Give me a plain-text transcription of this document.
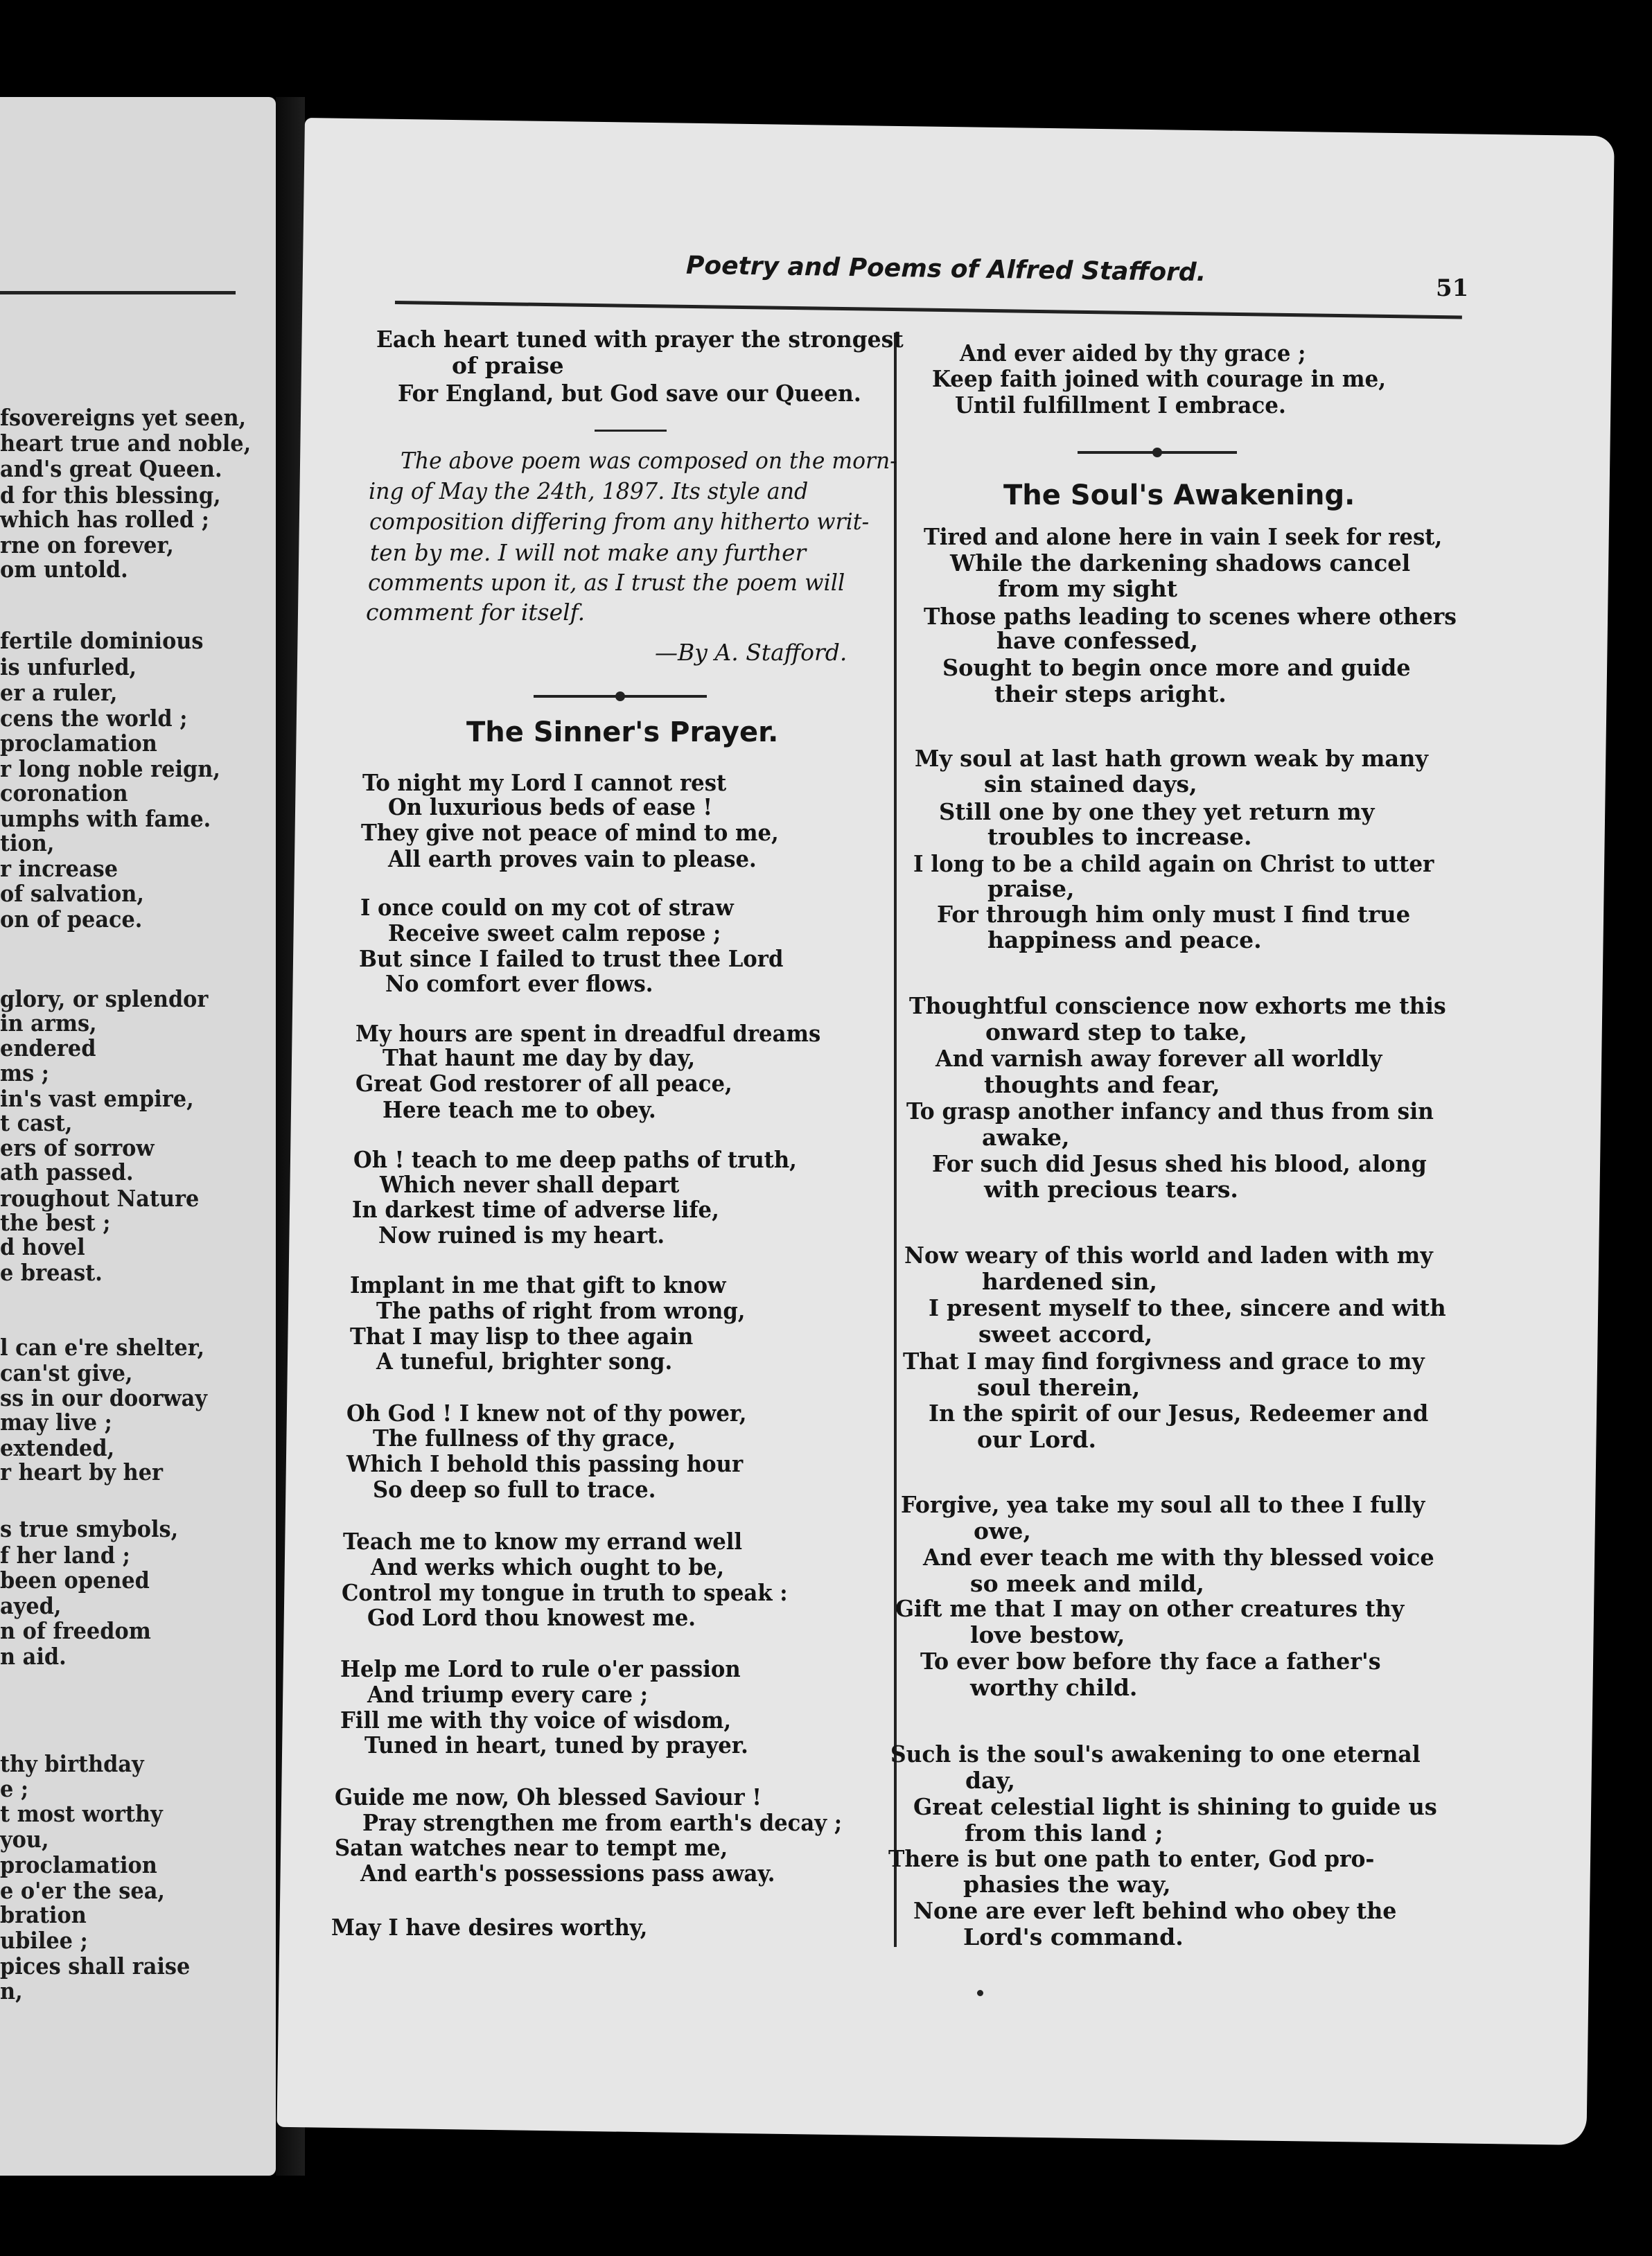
fsovereigns yet seen,
heart true and noble,
and's great Queen.
d for this blessing,
which has rolled ;
rne on forever,
om untold.
fertile dominious
is unfurled,
er a ruler,
cens the world ;
proclamation
r long noble reign,
coronation
umphs with fame.
tion,
r increase
of salvation,
on of peace.
glory, or splendor
in arms,
endered
ms ;
in's vast empire,
t cast,
ers of sorrow
ath passed.
roughout Nature
the best ;
d hovel
e breast.
l can e're shelter,
can'st give,
ss in our doorway
may live ;
extended,
r heart by her
s true smybols,
f her land ;
been opened
ayed,
n of freedom
n aid.
thy birthday
e ;
t most worthy
you,
proclamation
e o'er the sea,
bration
ubilee ;
pices shall raise
n,
Poetry and Poems of Alfred Stafford.
51
Each heart tuned with prayer the strongest
of praise
For England, but God save our Queen.
The above poem was composed on the morn-
ing of May the 24th, 1897. Its style and
composition differing from any hitherto writ-
ten by me. I will not make any further
comments upon it, as I trust the poem will
comment for itself.
—By A. Stafford.
The Sinner's Prayer.
To night my Lord I cannot rest
On luxurious beds of ease !
They give not peace of mind to me,
All earth proves vain to please.
I once could on my cot of straw
Receive sweet calm repose ;
But since I failed to trust thee Lord
No comfort ever flows.
My hours are spent in dreadful dreams
That haunt me day by day,
Great God restorer of all peace,
Here teach me to obey.
Oh ! teach to me deep paths of truth,
Which never shall depart
In darkest time of adverse life,
Now ruined is my heart.
Implant in me that gift to know
The paths of right from wrong,
That I may lisp to thee again
A tuneful, brighter song.
Oh God ! I knew not of thy power,
The fullness of thy grace,
Which I behold this passing hour
So deep so full to trace.
Teach me to know my errand well
And werks which ought to be,
Control my tongue in truth to speak :
God Lord thou knowest me.
Help me Lord to rule o'er passion
And triump every care ;
Fill me with thy voice of wisdom,
Tuned in heart, tuned by prayer.
Guide me now, Oh blessed Saviour !
Pray strengthen me from earth's decay ;
Satan watches near to tempt me,
And earth's possessions pass away.
May I have desires worthy,
And ever aided by thy grace ;
Keep faith joined with courage in me,
Until fulfillment I embrace.
The Soul's Awakening.
Tired and alone here in vain I seek for rest,
While the darkening shadows cancel
from my sight
Those paths leading to scenes where others
have confessed,
Sought to begin once more and guide
their steps aright.
My soul at last hath grown weak by many
sin stained days,
Still one by one they yet return my
troubles to increase.
I long to be a child again on Christ to utter
praise,
For through him only must I find true
happiness and peace.
Thoughtful conscience now exhorts me this
onward step to take,
And varnish away forever all worldly
thoughts and fear,
To grasp another infancy and thus from sin
awake,
For such did Jesus shed his blood, along
with precious tears.
Now weary of this world and laden with my
hardened sin,
I present myself to thee, sincere and with
sweet accord,
That I may find forgivness and grace to my
soul therein,
In the spirit of our Jesus, Redeemer and
our Lord.
Forgive, yea take my soul all to thee I fully
owe,
And ever teach me with thy blessed voice
so meek and mild,
Gift me that I may on other creatures thy
love bestow,
To ever bow before thy face a father's
worthy child.
Such is the soul's awakening to one eternal
day,
Great celestial light is shining to guide us
from this land ;
There is but one path to enter, God pro-
phasies the way,
None are ever left behind who obey the
Lord's command.
